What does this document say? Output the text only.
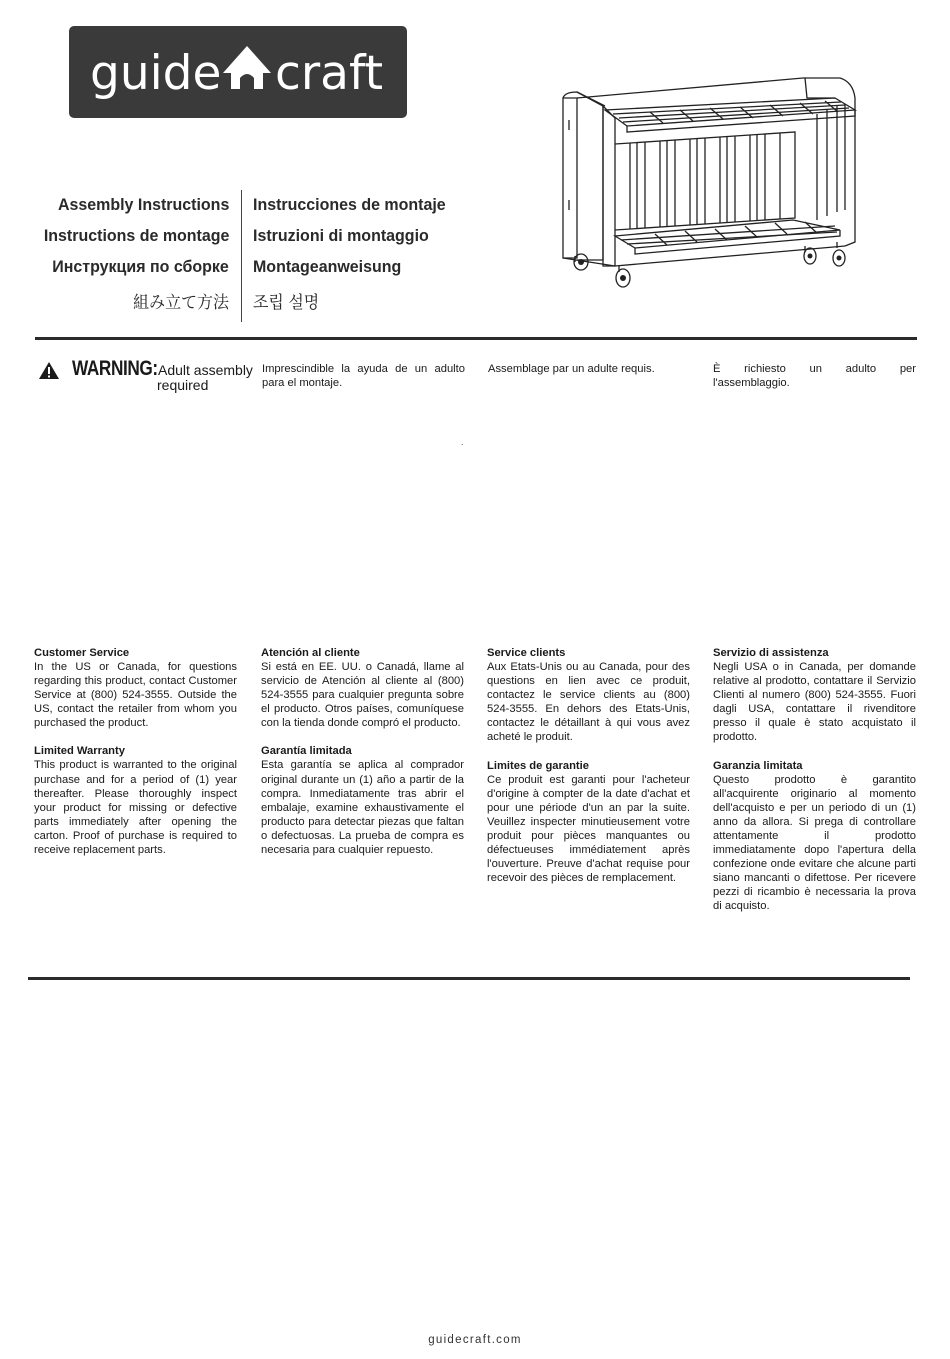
guide craft
Assembly Instructions
Instructions de montage
Инструкция по сборке
組み立て方法
Instrucciones de montaje
Istruzioni di montaggio
Montageanweisung
조립 설명
WARNING: Adult assembly
required
Imprescindible la ayuda de un adulto para el montaje.
Assemblage par un adulte requis.	È richiesto un adulto per
l'assemblaggio.
.
Customer Service

In the US or Canada, for questions regarding this product, contact Customer Service at (800) 524-3555. Outside the US, contact the retailer from whom you purchased the product.

Limited Warranty

This product is warranted to the original purchase and for a period of (1) year thereafter. Please thoroughly inspect your product for missing or defective parts immediately after opening the carton. Proof of purchase is required to receive replacement parts.

Atención al cliente

Si está en EE. UU. o Canadá, llame al servicio de Atención al cliente al (800) 524-3555 para cualquier pregunta sobre el producto. Otros países, comuníquese con la tienda donde compró el producto.

Garantía limitada

Esta garantía se aplica al comprador original durante un (1) año a partir de la compra. Inmediatamente tras abrir el embalaje, examine exhaustivamente el producto para detectar piezas que faltan o defectuosas. La prueba de compra es necesaria para cualquier repuesto.

Service clients

Aux Etats-Unis ou au Canada, pour des questions en lien avec ce produit, contactez le service clients au (800) 524-3555. En dehors des Etats-Unis, contactez le détaillant à qui vous avez acheté le produit.

Limites de garantie

Ce produit est garanti pour l'acheteur d'origine à compter de la date d'achat et pour une période d'un an par la suite. Veuillez inspecter minutieusement votre produit pour pièces manquantes ou défectueuses immédiatement après l'ouverture. Preuve d'achat requise pour recevoir des pièces de remplacement.

Servizio di assistenza

Negli USA o in Canada, per domande relative al prodotto, contattare il Servizio Clienti al numero (800) 524-3555. Fuori dagli USA, contattare il rivenditore presso il quale è stato acquistato il prodotto.

Garanzia limitata

Questo prodotto è garantito all'acquirente originario al momento dell'acquisto e per un periodo di un (1) anno da allora. Si prega di controllare attentamente il prodotto immediatamente dopo l'apertura della confezione onde evitare che alcune parti siano mancanti o difettose. Per ricevere pezzi di ricambio è necessaria la prova di acquisto.

guidecraft.com
